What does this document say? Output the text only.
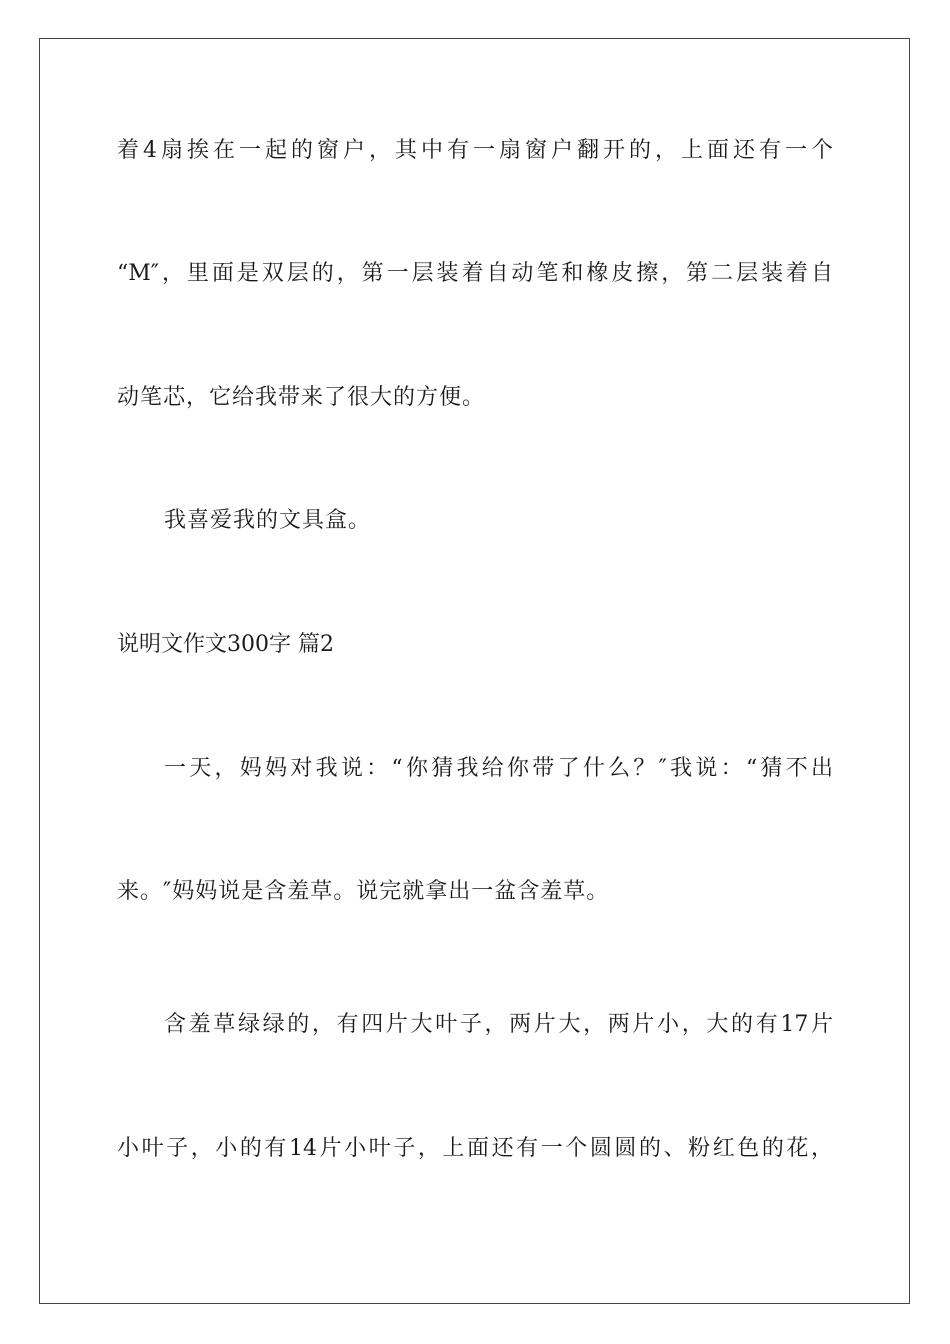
着4扇挨在一起的窗户，其中有一扇窗户翻开的，上面还有一个
“M″，里面是双层的，第一层装着自动笔和橡皮擦，第二层装着自
动笔芯，它给我带来了很大的方便。
我喜爱我的文具盒。
说明文作文300字 篇2
一天，妈妈对我说：“你猜我给你带了什么？″我说：“猜不出
来。″妈妈说是含羞草。说完就拿出一盆含羞草。
含羞草绿绿的，有四片大叶子，两片大，两片小，大的有17片
小叶子，小的有14片小叶子，上面还有一个圆圆的、粉红色的花，
